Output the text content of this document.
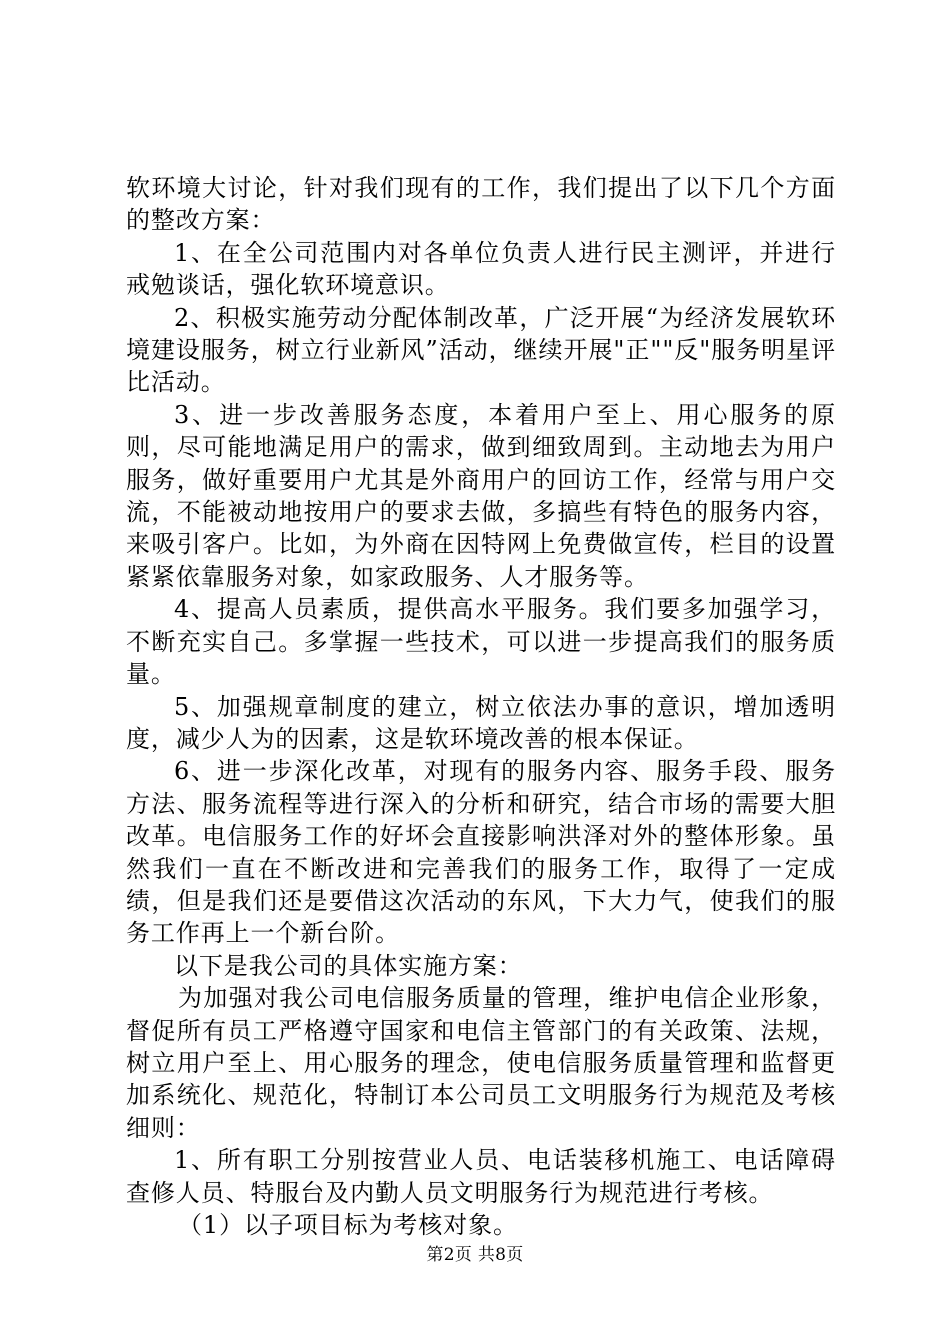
软环境大讨论，针对我们现有的工作，我们提出了以下几个方面的整改方案：

1、在全公司范围内对各单位负责人进行民主测评，并进行戒勉谈话，强化软环境意识。

2、积极实施劳动分配体制改革，广泛开展“为经济发展软环境建设服务，树立行业新风”活动，继续开展"正""反"服务明星评比活动。

3、进一步改善服务态度，本着用户至上、用心服务的原则，尽可能地满足用户的需求，做到细致周到。主动地去为用户服务，做好重要用户尤其是外商用户的回访工作，经常与用户交流，不能被动地按用户的要求去做，多搞些有特色的服务内容，来吸引客户。比如，为外商在因特网上免费做宣传，栏目的设置紧紧依靠服务对象，如家政服务、人才服务等。

4、提高人员素质，提供高水平服务。我们要多加强学习，不断充实自己。多掌握一些技术，可以进一步提高我们的服务质量。

5、加强规章制度的建立，树立依法办事的意识，增加透明度，减少人为的因素，这是软环境改善的根本保证。

6、进一步深化改革，对现有的服务内容、服务手段、服务方法、服务流程等进行深入的分析和研究，结合市场的需要大胆改革。电信服务工作的好坏会直接影响洪泽对外的整体形象。虽然我们一直在不断改进和完善我们的服务工作，取得了一定成绩，但是我们还是要借这次活动的东风，下大力气，使我们的服务工作再上一个新台阶。

以下是我公司的具体实施方案：

为加强对我公司电信服务质量的管理，维护电信企业形象，督促所有员工严格遵守国家和电信主管部门的有关政策、法规，树立用户至上、用心服务的理念，使电信服务质量管理和监督更加系统化、规范化，特制订本公司员工文明服务行为规范及考核细则：

1、所有职工分别按营业人员、电话装移机施工、电话障碍查修人员、特服台及内勤人员文明服务行为规范进行考核。

（1）以子项目标为考核对象。

第2页 共8页
